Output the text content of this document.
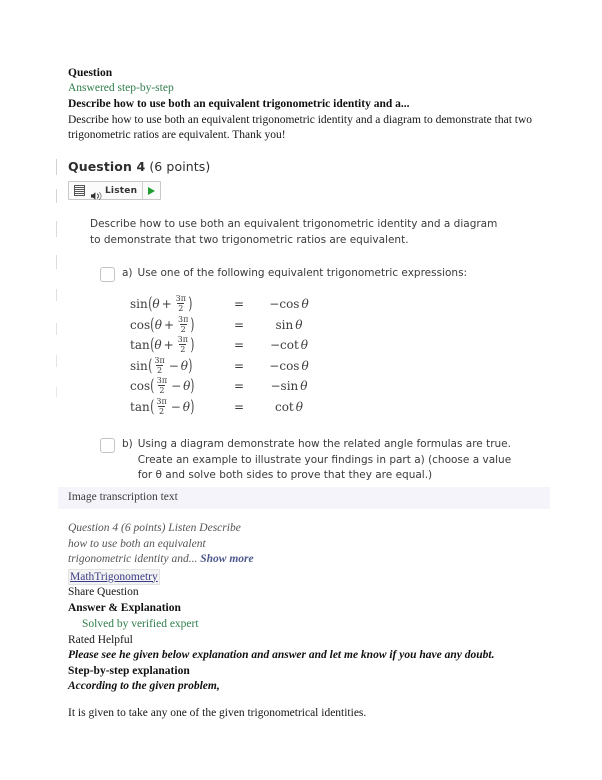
Question
Answered step-by-step
Describe how to use both an equivalent trigonometric identity and a...
Describe how to use both an equivalent trigonometric identity and a diagram to demonstrate that two trigonometric ratios are equivalent. Thank you!
Question 4 (6 points)
Listen
Describe how to use both an equivalent trigonometric identity and a diagram to demonstrate that two trigonometric ratios are equivalent.
a) Use one of the following equivalent trigonometric expressions:
sin ( $\theta + \frac{3\pi}{2}$ )	=	−cos θ
cos ( $\theta + \frac{3\pi}{2}$ )	=	sin θ
tan ( $\theta + \frac{3\pi}{2}$ )	=	−cot θ
sin ( $\frac{3\pi}{2} - \theta$ )	=	−cos θ
cos ( $\frac{3\pi}{2} - \theta$ )	=	−sin θ
tan ( $\frac{3\pi}{2} - \theta$ )	=	cot θ
b) Using a diagram demonstrate how the related angle formulas are true. Create an example to illustrate your findings in part a) (choose a value for θ and solve both sides to prove that they are equal.)
Image transcription text
Question 4 (6 points) Listen Describe how to use both an equivalent trigonometric identity and... Show more
MathTrigonometry
Share Question
Answer & Explanation
Solved by verified expert
Rated Helpful
Please see he given below explanation and answer and let me know if you have any doubt.
Step-by-step explanation
According to the given problem,
It is given to take any one of the given trigonometrical identities.
